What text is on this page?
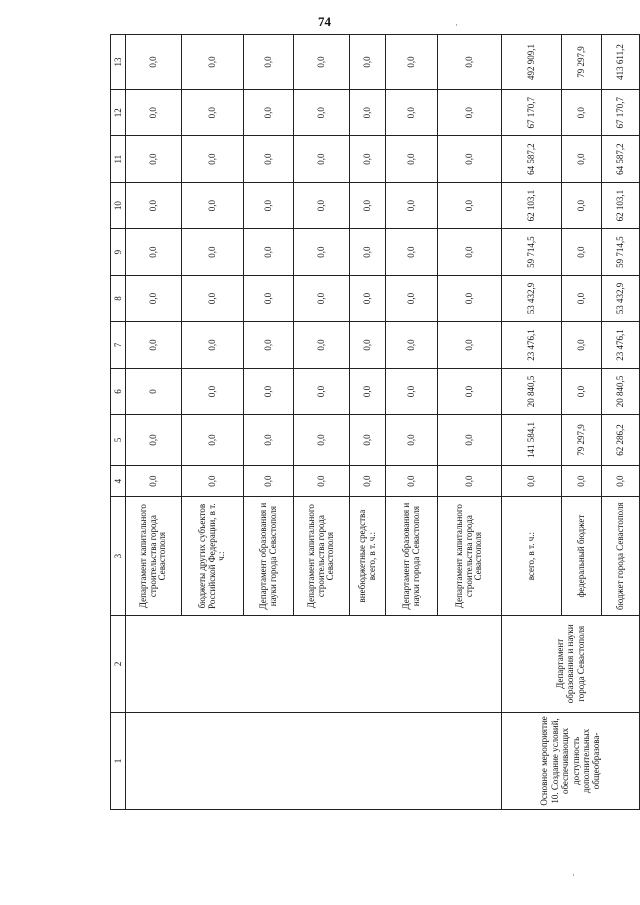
74	·
·
1	2	3	4	5	6	7	8	9	10	11	12	13
		Департамент капитального строительства города Севастополя	0,0	0,0	0	0,0	0,0	0,0	0,0	0,0	0,0	0,0
		бюджеты других субъектов Российской Федерации, в т. ч.:	0,0	0,0	0,0	0,0	0,0	0,0	0,0	0,0	0,0	0,0
		Департамент образования и науки города Севастополя	0,0	0,0	0,0	0,0	0,0	0,0	0,0	0,0	0,0	0,0
		Департамент капитального строительства города Севастополя	0,0	0,0	0,0	0,0	0,0	0,0	0,0	0,0	0,0	0,0
		внебюджетные средства всего, в т. ч.:	0,0	0,0	0,0	0,0	0,0	0,0	0,0	0,0	0,0	0,0
		Департамент образования и науки города Севастополя	0,0	0,0	0,0	0,0	0,0	0,0	0,0	0,0	0,0	0,0
		Департамент капитального строительства города Севастополя	0,0	0,0	0,0	0,0	0,0	0,0	0,0	0,0	0,0	0,0
Основное мероприятие 10. Создание условий, обеспечивающих доступность дополнительных общеобразова-	Департамент образования и науки города Севастополя	всего, в т. ч.:	0,0	141 584,1	20 840,5	23 476,1	53 432,9	59 714,5	62 103,1	64 587,2	67 170,7	492 909,1
		федеральный бюджет	0,0	79 297,9	0,0	0,0	0,0	0,0	0,0	0,0	0,0	79 297,9
		бюджет города Севастополя	0,0	62 286,2	20 840,5	23 476,1	53 432,9	59 714,5	62 103,1	64 587,2	67 170,7	413 611,2
